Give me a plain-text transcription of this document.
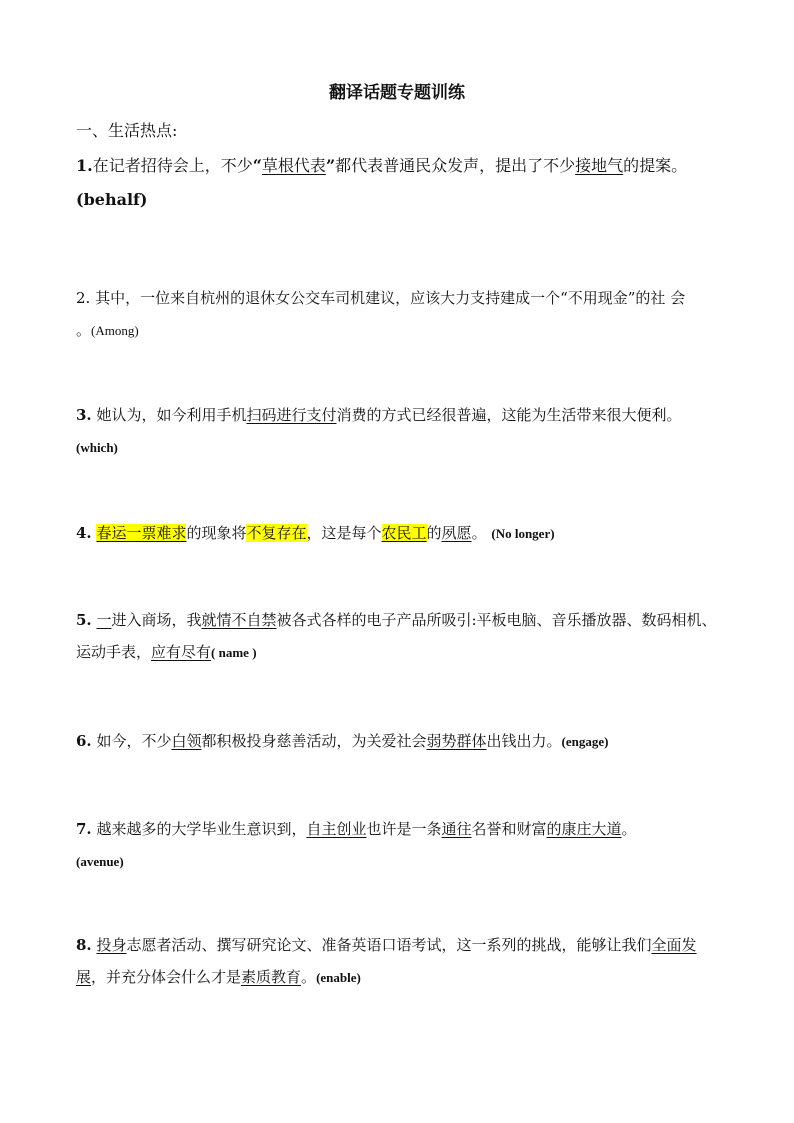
翻译话题专题训练
一、生活热点:
1.在记者招待会上，不少“草根代表”都代表普通民众发声，提出了不少接地气的提案。 (behalf)
2. 其中，一位来自杭州的退休女公交车司机建议，应该大力支持建成一个“不用现金”的社 会
。(Among)
3. 她认为，如今利用手机扫码进行支付消费的方式已经很普遍，这能为生活带来很大便利。
(which)
4. 春运一票难求的现象将不复存在，这是每个农民工的夙愿。 (No longer)
5. 一进入商场，我就情不自禁被各式各样的电子产品所吸引:平板电脑、音乐播放器、数码相机、运动手表，应有尽有( name )
6. 如今，不少白领都积极投身慈善活动，为关爱社会弱势群体出钱出力。(engage)
7. 越来越多的大学毕业生意识到，自主创业也许是一条通往名誉和财富的康庄大道。
(avenue)
8. 投身志愿者活动、撰写研究论文、准备英语口语考试，这一系列的挑战，能够让我们全面发展，并充分体会什么才是素质教育。(enable)
